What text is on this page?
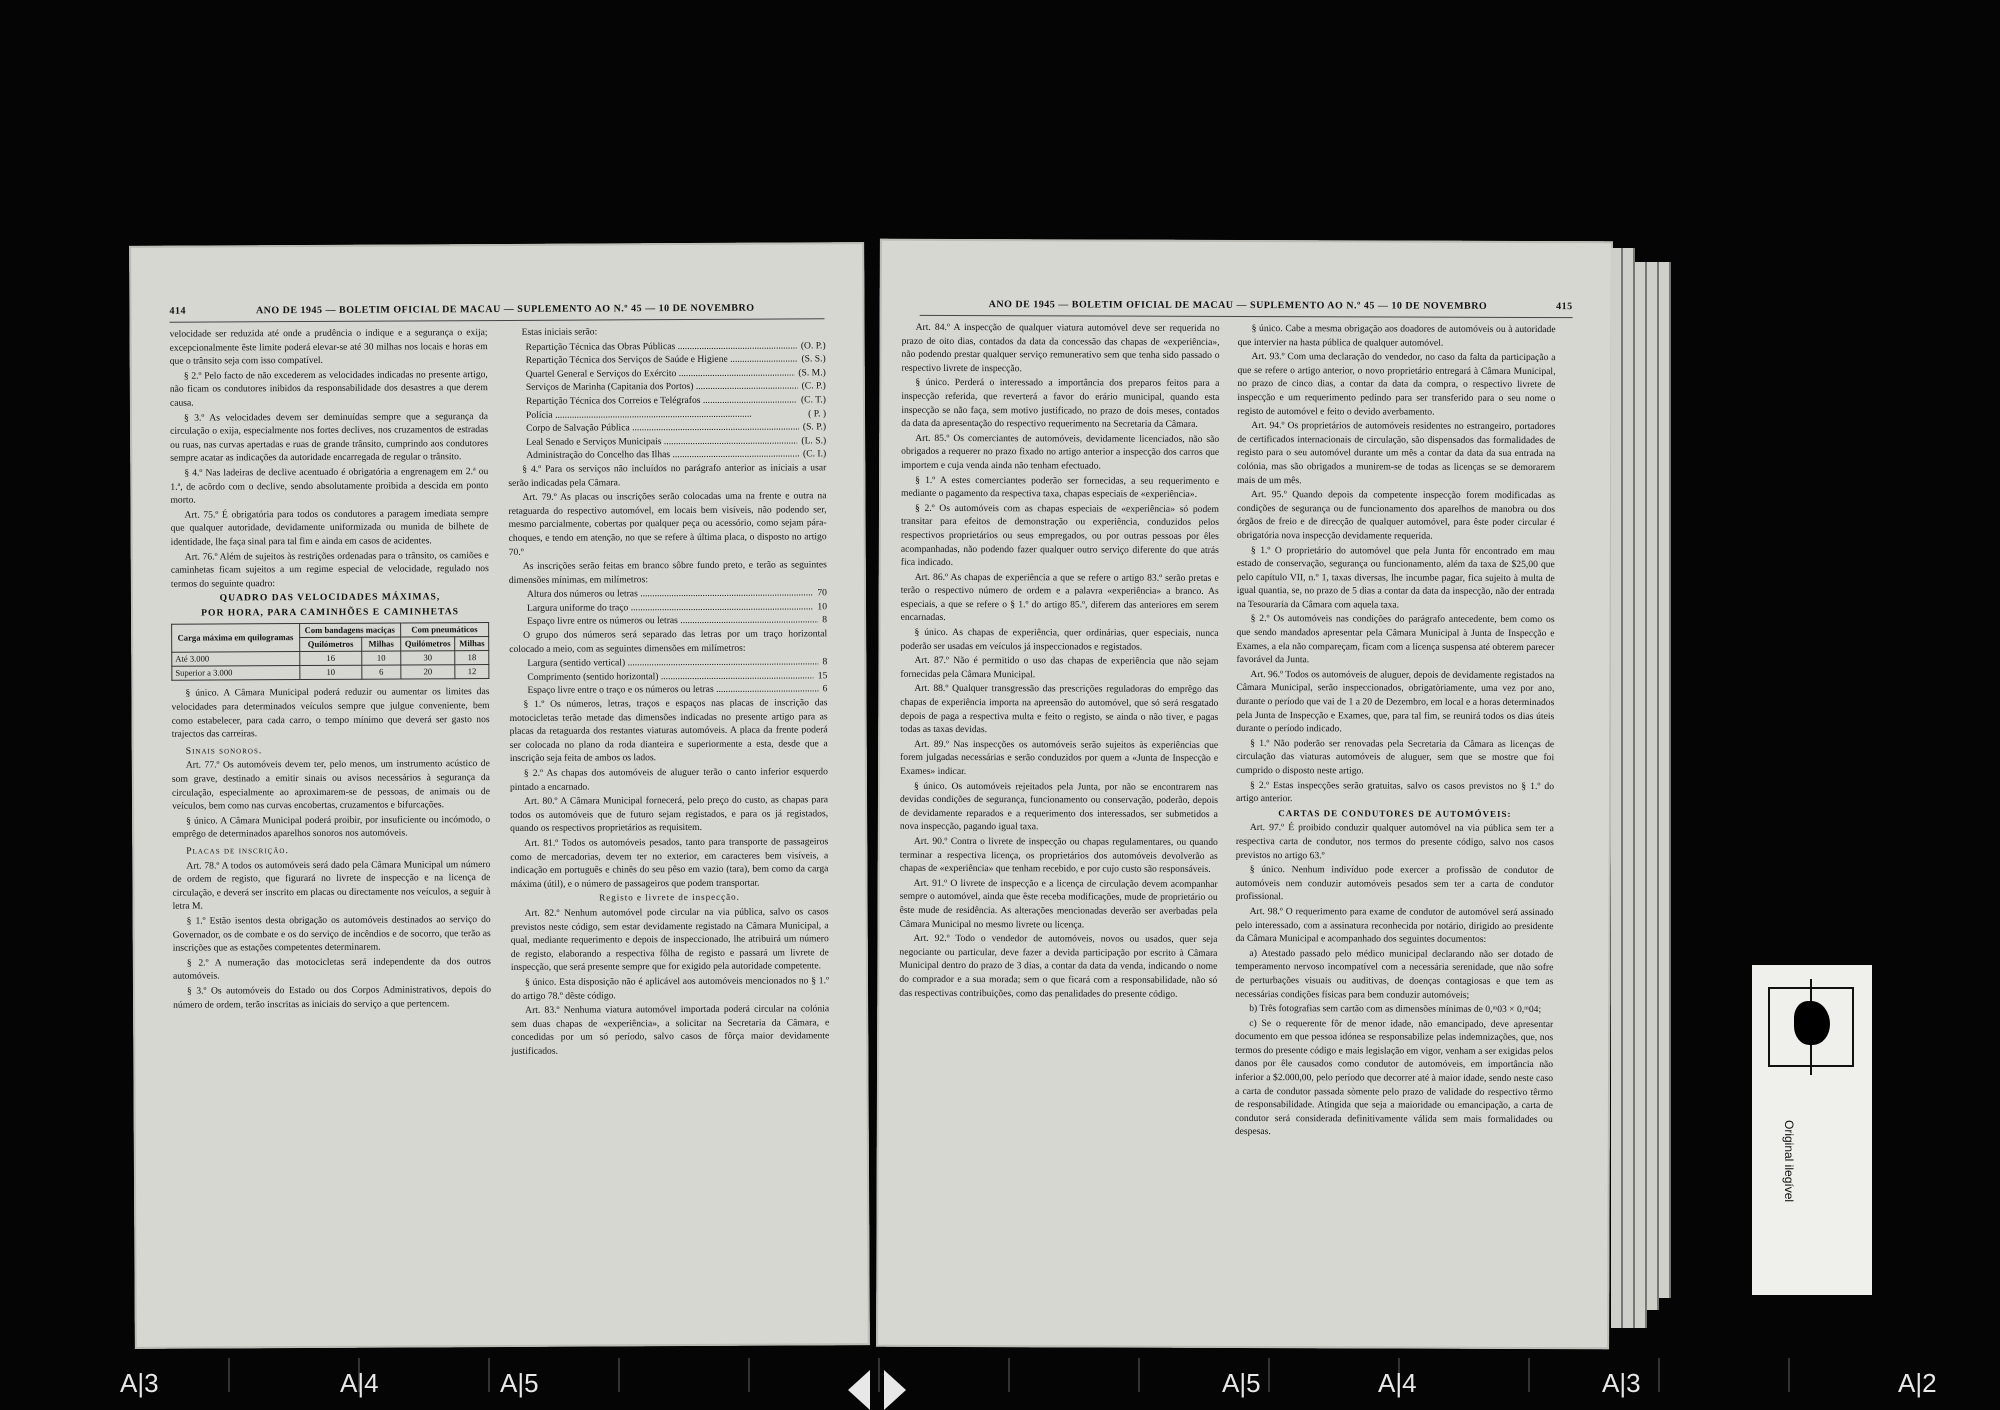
414	ANO DE 1945 — BOLETIM OFICIAL DE MACAU — SUPLEMENTO AO N.º 45 — 10 DE NOVEMBRO

velocidade ser reduzida até onde a prudência o indique e a segurança o exija; excepcionalmente êste limite poderá elevar-se até 30 milhas nos locais e horas em que o trânsito seja com isso compatível.

§ 2.º Pelo facto de não excederem as velocidades indicadas no presente artigo, não ficam os condutores inibidos da responsabilidade dos desastres a que derem causa.

§ 3.º As velocidades devem ser deminuídas sempre que a segurança da circulação o exija, especialmente nos fortes declives, nos cruzamentos de estradas ou ruas, nas curvas apertadas e ruas de grande trânsito, cumprindo aos condutores sempre acatar as indicações da autoridade encarregada de regular o trânsito.

§ 4.º Nas ladeiras de declive acentuado é obrigatória a engrenagem em 2.ª ou 1.ª, de acôrdo com o declive, sendo absolutamente proibida a descida em ponto morto.

Art. 75.º É obrigatória para todos os condutores a paragem imediata sempre que qualquer autoridade, devidamente uniformizada ou munida de bilhete de identidade, lhe faça sinal para tal fim e ainda em casos de acidentes.

Art. 76.º Além de sujeitos às restrições ordenadas para o trânsito, os camiões e caminhetas ficam sujeitos a um regime especial de velocidade, regulado nos termos do seguinte quadro:

QUADRO DAS VELOCIDADES MÁXIMAS,

POR HORA, PARA CAMINHÕES E CAMINHETAS

Carga máxima em quilogramas	Com bandagens maciças		Com pneumáticos	
	Quilómetros	Milhas	Quilómetros	Milhas
Até 3.000	16	10	30	18
Superior a 3.000	10	6	20	12

§ único. A Câmara Municipal poderá reduzir ou aumentar os limites das velocidades para determinados veículos sempre que julgue conveniente, bem como estabelecer, para cada carro, o tempo mínimo que deverá ser gasto nos trajectos das carreiras.

Sinais sonoros.

Art. 77.º Os automóveis devem ter, pelo menos, um instrumento acústico de som grave, destinado a emitir sinais ou avisos necessários à segurança da circulação, especialmente ao aproximarem-se de pessoas, de animais ou de veículos, bem como nas curvas encobertas, cruzamentos e bifurcações.

§ único. A Câmara Municipal poderá proibir, por insuficiente ou incómodo, o emprêgo de determinados aparelhos sonoros nos automóveis.

Placas de inscrição.

Art. 78.º A todos os automóveis será dado pela Câmara Municipal um número de ordem de registo, que figurará no livrete de inspecção e na licença de circulação, e deverá ser inscrito em placas ou directamente nos veículos, a seguir à letra M.

§ 1.º Estão isentos desta obrigação os automóveis destinados ao serviço do Governador, os de combate e os do serviço de incêndios e de socorro, que terão as inscrições que as estações competentes determinarem.

§ 2.º A numeração das motocicletas será independente da dos outros automóveis.

§ 3.º Os automóveis do Estado ou dos Corpos Administrativos, depois do número de ordem, terão inscritas as iniciais do serviço a que pertencem.

Estas iniciais serão:

Repartição Técnica das Obras Públicas .....	(O. P.)
Repartição Técnica dos Serviços de Saúde e Higiene .....	(S. S.)
Quartel General e Serviços do Exército .....	(S. M.)
Serviços de Marinha (Capitania dos Portos) .....	(C. P.)
Repartição Técnica dos Correios e Telégrafos .....	(C. T.)
Polícia .....	( P. )
Corpo de Salvação Pública .....	(S. P.)
Leal Senado e Serviços Municipais .....	(L. S.)
Administração do Concelho das Ilhas .....	(C. I.)

§ 4.º Para os serviços não incluídos no parágrafo anterior as iniciais a usar serão indicadas pela Câmara.

Art. 79.º As placas ou inscrições serão colocadas uma na frente e outra na retaguarda do respectivo automóvel, em locais bem visíveis, não podendo ser, mesmo parcialmente, cobertas por qualquer peça ou acessório, como sejam pára-choques, e tendo em atenção, no que se refere à última placa, o disposto no artigo 70.º

As inscrições serão feitas em branco sôbre fundo preto, e terão as seguintes dimensões mínimas, em milímetros:

Altura dos números ou letras .....	70
Largura uniforme do traço .....	10
Espaço livre entre os números ou letras .....	8

O grupo dos números será separado das letras por um traço horizontal colocado a meio, com as seguintes dimensões em milímetros:

Largura (sentido vertical) .....	8
Comprimento (sentido horizontal) .....	15
Espaço livre entre o traço e os números ou letras .....	6

§ 1.º Os números, letras, traços e espaços nas placas de inscrição das motocicletas terão metade das dimensões indicadas no presente artigo para as placas da retaguarda dos restantes viaturas automóveis. A placa da frente poderá ser colocada no plano da roda dianteira e superiormente a esta, desde que a inscrição seja feita de ambos os lados.

§ 2.º As chapas dos automóveis de aluguer terão o canto inferior esquerdo pintado a encarnado.

Art. 80.º A Câmara Municipal fornecerá, pelo preço do custo, as chapas para todos os automóveis que de futuro sejam registados, e para os já registados, quando os respectivos proprietários as requisitem.

Art. 81.º Todos os automóveis pesados, tanto para transporte de passageiros como de mercadorias, devem ter no exterior, em caracteres bem visíveis, a indicação em português e chinês do seu pêso em vazio (tara), bem como da carga máxima (útil), e o número de passageiros que podem transportar.

Registo e livrete de inspecção.

Art. 82.º Nenhum automóvel pode circular na via pública, salvo os casos previstos neste código, sem estar devidamente registado na Câmara Municipal, a qual, mediante requerimento e depois de inspeccionado, lhe atribuirá um número de registo, elaborando a respectiva fôlha de registo e passará um livrete de inspecção, que será presente sempre que for exigido pela autoridade competente.

§ único. Esta disposição não é aplicável aos automóveis mencionados no § 1.º do artigo 78.º dêste código.

Art. 83.º Nenhuma viatura automóvel importada poderá circular na colónia sem duas chapas de «experiência», a solicitar na Secretaria da Câmara, e concedidas por um só período, salvo casos de fôrça maior devidamente justificados.

ANO DE 1945 — BOLETIM OFICIAL DE MACAU — SUPLEMENTO AO N.º 45 — 10 DE NOVEMBRO	415

Art. 84.º A inspecção de qualquer viatura automóvel deve ser requerida no prazo de oito dias, contados da data da concessão das chapas de «experiência», não podendo prestar qualquer serviço remunerativo sem que tenha sido passado o respectivo livrete de inspecção.

§ único. Perderá o interessado a importância dos preparos feitos para a inspecção referida, que reverterá a favor do erário municipal, quando esta inspecção se não faça, sem motivo justificado, no prazo de dois meses, contados da data da apresentação do respectivo requerimento na Secretaria da Câmara.

Art. 85.º Os comerciantes de automóveis, devidamente licenciados, não são obrigados a requerer no prazo fixado no artigo anterior a inspecção dos carros que importem e cuja venda ainda não tenham efectuado.

§ 1.º A estes comerciantes poderão ser fornecidas, a seu requerimento e mediante o pagamento da respectiva taxa, chapas especiais de «experiência».

§ 2.º Os automóveis com as chapas especiais de «experiência» só podem transitar para efeitos de demonstração ou experiência, conduzidos pelos respectivos proprietários ou seus empregados, ou por outras pessoas por êles acompanhadas, não podendo fazer qualquer outro serviço diferente do que atrás fica indicado.

Art. 86.º As chapas de experiência a que se refere o artigo 83.º serão pretas e terão o respectivo número de ordem e a palavra «experiência» a branco. As especiais, a que se refere o § 1.º do artigo 85.º, diferem das anteriores em serem encarnadas.

§ único. As chapas de experiência, quer ordinárias, quer especiais, nunca poderão ser usadas em veículos já inspeccionados e registados.

Art. 87.º Não é permitido o uso das chapas de experiência que não sejam fornecidas pela Câmara Municipal.

Art. 88.º Qualquer transgressão das prescrições reguladoras do emprêgo das chapas de experiência importa na apreensão do automóvel, que só será resgatado depois de paga a respectiva multa e feito o registo, se ainda o não tiver, e pagas todas as taxas devidas.

Art. 89.º Nas inspecções os automóveis serão sujeitos às experiências que forem julgadas necessárias e serão conduzidos por quem a «Junta de Inspecção e Exames» indicar.

§ único. Os automóveis rejeitados pela Junta, por não se encontrarem nas devidas condições de segurança, funcionamento ou conservação, poderão, depois de devidamente reparados e a requerimento dos interessados, ser submetidos a nova inspecção, pagando igual taxa.

Art. 90.º Contra o livrete de inspecção ou chapas regulamentares, ou quando terminar a respectiva licença, os proprietários dos automóveis devolverão as chapas de «experiência» que tenham recebido, e por cujo custo são responsáveis.

Art. 91.º O livrete de inspecção e a licença de circulação devem acompanhar sempre o automóvel, ainda que êste receba modificações, mude de proprietário ou êste mude de residência. As alterações mencionadas deverão ser averbadas pela Câmara Municipal no mesmo livrete ou licença.

Art. 92.º Todo o vendedor de automóveis, novos ou usados, quer seja negociante ou particular, deve fazer a devida participação por escrito à Câmara Municipal dentro do prazo de 3 dias, a contar da data da venda, indicando o nome do comprador e a sua morada; sem o que ficará com a responsabilidade, não só das respectivas contribuições, como das penalidades do presente código.

§ único. Cabe a mesma obrigação aos doadores de automóveis ou à autoridade que intervier na hasta pública de qualquer automóvel.

Art. 93.º Com uma declaração do vendedor, no caso da falta da participação a que se refere o artigo anterior, o novo proprietário entregará à Câmara Municipal, no prazo de cinco dias, a contar da data da compra, o respectivo livrete de inspecção e um requerimento pedindo para ser transferido para o seu nome o registo de automóvel e feito o devido averbamento.

Art. 94.º Os proprietários de automóveis residentes no estrangeiro, portadores de certificados internacionais de circulação, são dispensados das formalidades de registo para o seu automóvel durante um mês a contar da data da sua entrada na colónia, mas são obrigados a munirem-se de todas as licenças se se demorarem mais de um mês.

Art. 95.º Quando depois da competente inspecção forem modificadas as condições de segurança ou de funcionamento dos aparelhos de manobra ou dos órgãos de freio e de direcção de qualquer automóvel, para êste poder circular é obrigatória nova inspecção devidamente requerida.

§ 1.º O proprietário do automóvel que pela Junta fôr encontrado em mau estado de conservação, segurança ou funcionamento, além da taxa de $25,00 que pelo capítulo VII, n.º 1, taxas diversas, lhe incumbe pagar, fica sujeito à multa de igual quantia, se, no prazo de 5 dias a contar da data da inspecção, não der entrada na Tesouraria da Câmara com aquela taxa.

§ 2.º Os automóveis nas condições do parágrafo antecedente, bem como os que sendo mandados apresentar pela Câmara Municipal à Junta de Inspecção e Exames, a ela não compareçam, ficam com a licença suspensa até obterem parecer favorável da Junta.

Art. 96.º Todos os automóveis de aluguer, depois de devidamente registados na Câmara Municipal, serão inspeccionados, obrigatòriamente, uma vez por ano, durante o período que vai de 1 a 20 de Dezembro, em local e a horas determinados pela Junta de Inspecção e Exames, que, para tal fim, se reunirá todos os dias úteis durante o período indicado.

§ 1.º Não poderão ser renovadas pela Secretaria da Câmara as licenças de circulação das viaturas automóveis de aluguer, sem que se mostre que foi cumprido o disposto neste artigo.

§ 2.º Estas inspecções serão gratuitas, salvo os casos previstos no § 1.º do artigo anterior.

CARTAS DE CONDUTORES DE AUTOMÓVEIS:

Art. 97.º É proibido conduzir qualquer automóvel na via pública sem ter a respectiva carta de condutor, nos termos do presente código, salvo nos casos previstos no artigo 63.º

§ único. Nenhum indivíduo pode exercer a profissão de condutor de automóveis nem conduzir automóveis pesados sem ter a carta de condutor profissional.

Art. 98.º O requerimento para exame de condutor de automóvel será assinado pelo interessado, com a assinatura reconhecida por notário, dirigido ao presidente da Câmara Municipal e acompanhado dos seguintes documentos:

a) Atestado passado pelo médico municipal declarando não ser dotado de temperamento nervoso incompatível com a necessária serenidade, que não sofre de perturbações visuais ou auditivas, de doenças contagiosas e que tem as necessárias condições físicas para bem conduzir automóveis;

b) Três fotografias sem cartão com as dimensões mínimas de 0,ᵐ03 × 0,ᵐ04;

c) Se o requerente fôr de menor idade, não emancipado, deve apresentar documento em que pessoa idónea se responsabilize pelas indemnizações, que, nos termos do presente código e mais legislação em vigor, venham a ser exigidas pelos danos por êle causados como condutor de automóveis, em importância não inferior a $2.000,00, pelo período que decorrer até à maior idade, sendo neste caso a carta de condutor passada sòmente pelo prazo de validade do respectivo têrmo de responsabilidade. Atingida que seja a maioridade ou emancipação, a carta de condutor será considerada definitivamente válida sem mais formalidades ou despesas.	Original ilegível
A|3	A|4	A|5	A|5	A|4	A|3	A|2
